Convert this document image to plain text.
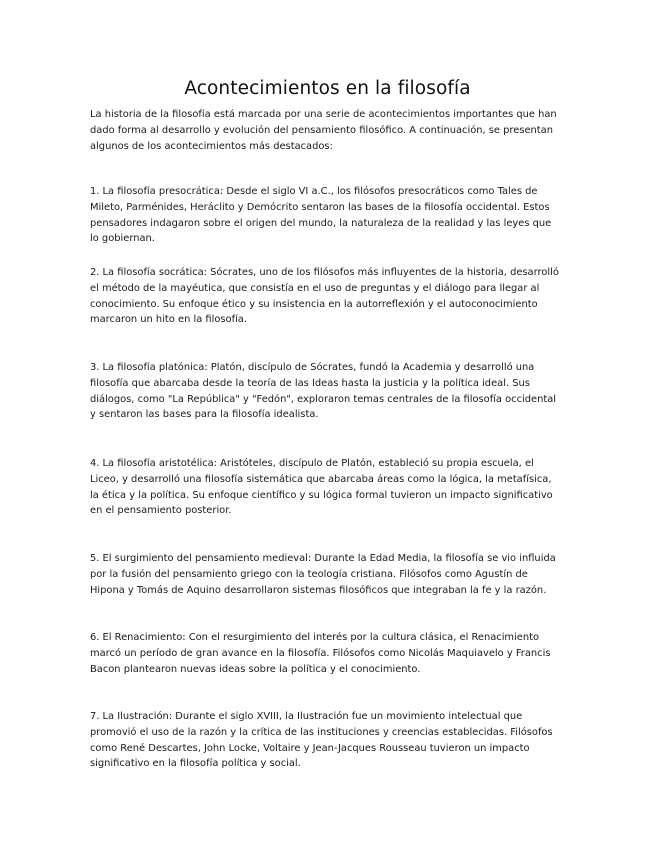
Acontecimientos en la filosofía

La historia de la filosofía está marcada por una serie de acontecimientos importantes que han dado forma al desarrollo y evolución del pensamiento filosófico. A continuación, se presentan algunos de los acontecimientos más destacados:

1. La filosofía presocrática: Desde el siglo VI a.C., los filósofos presocráticos como Tales de Mileto, Parménides, Heráclito y Demócrito sentaron las bases de la filosofía occidental. Estos pensadores indagaron sobre el origen del mundo, la naturaleza de la realidad y las leyes que lo gobiernan.

2. La filosofía socrática: Sócrates, uno de los filósofos más influyentes de la historia, desarrolló el método de la mayéutica, que consistía en el uso de preguntas y el diálogo para llegar al conocimiento. Su enfoque ético y su insistencia en la autorreflexión y el autoconocimiento marcaron un hito en la filosofía.

3. La filosofía platónica: Platón, discípulo de Sócrates, fundó la Academia y desarrolló una filosofía que abarcaba desde la teoría de las Ideas hasta la justicia y la política ideal. Sus diálogos, como "La República" y "Fedón", exploraron temas centrales de la filosofía occidental y sentaron las bases para la filosofía idealista.

4. La filosofía aristotélica: Aristóteles, discípulo de Platón, estableció su propia escuela, el Liceo, y desarrolló una filosofía sistemática que abarcaba áreas como la lógica, la metafísica, la ética y la política. Su enfoque científico y su lógica formal tuvieron un impacto significativo en el pensamiento posterior.

5. El surgimiento del pensamiento medieval: Durante la Edad Media, la filosofía se vio influida por la fusión del pensamiento griego con la teología cristiana. Filósofos como Agustín de Hipona y Tomás de Aquino desarrollaron sistemas filosóficos que integraban la fe y la razón.

6. El Renacimiento: Con el resurgimiento del interés por la cultura clásica, el Renacimiento marcó un período de gran avance en la filosofía. Filósofos como Nicolás Maquiavelo y Francis Bacon plantearon nuevas ideas sobre la política y el conocimiento.

7. La Ilustración: Durante el siglo XVIII, la Ilustración fue un movimiento intelectual que promovió el uso de la razón y la crítica de las instituciones y creencias establecidas. Filósofos como René Descartes, John Locke, Voltaire y Jean-Jacques Rousseau tuvieron un impacto significativo en la filosofía política y social.
